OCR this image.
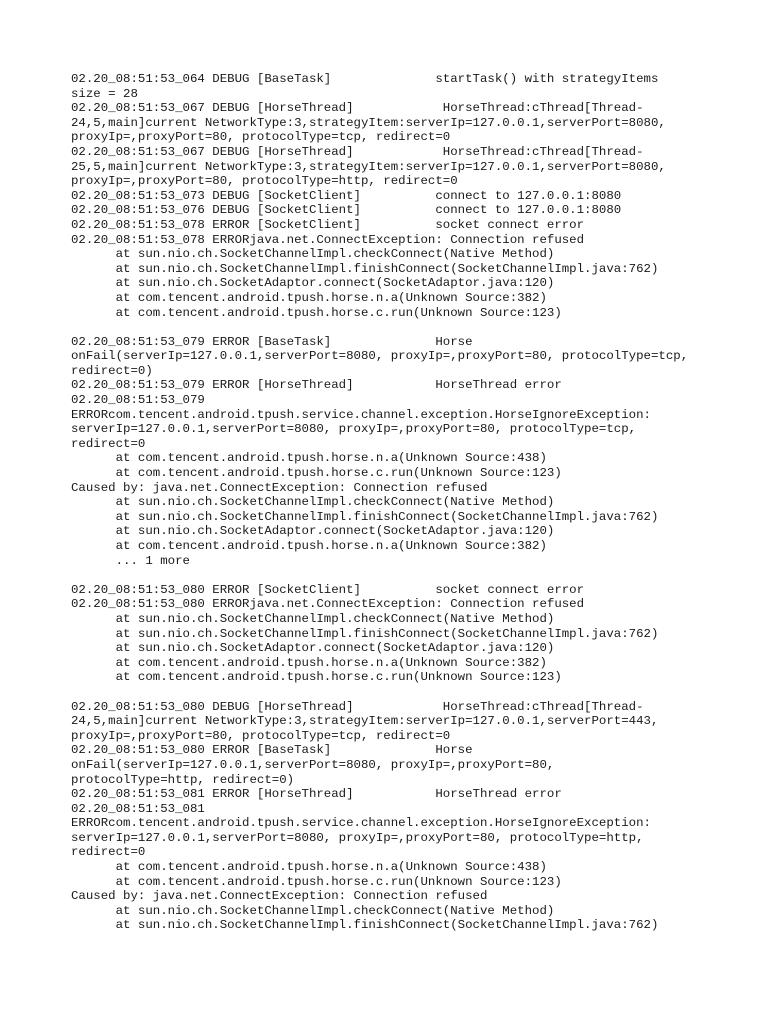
02.20_08:51:53_064 DEBUG [BaseTask]              startTask() with strategyItems
size = 28
02.20_08:51:53_067 DEBUG [HorseThread]            HorseThread:cThread[Thread-
24,5,main]current NetworkType:3,strategyItem:serverIp=127.0.0.1,serverPort=8080,
proxyIp=,proxyPort=80, protocolType=tcp, redirect=0
02.20_08:51:53_067 DEBUG [HorseThread]            HorseThread:cThread[Thread-
25,5,main]current NetworkType:3,strategyItem:serverIp=127.0.0.1,serverPort=8080,
proxyIp=,proxyPort=80, protocolType=http, redirect=0
02.20_08:51:53_073 DEBUG [SocketClient]          connect to 127.0.0.1:8080
02.20_08:51:53_076 DEBUG [SocketClient]          connect to 127.0.0.1:8080
02.20_08:51:53_078 ERROR [SocketClient]          socket connect error
02.20_08:51:53_078 ERRORjava.net.ConnectException: Connection refused
at sun.nio.ch.SocketChannelImpl.checkConnect(Native Method)
at sun.nio.ch.SocketChannelImpl.finishConnect(SocketChannelImpl.java:762)
at sun.nio.ch.SocketAdaptor.connect(SocketAdaptor.java:120)
at com.tencent.android.tpush.horse.n.a(Unknown Source:382)
at com.tencent.android.tpush.horse.c.run(Unknown Source:123)
02.20_08:51:53_079 ERROR [BaseTask]              Horse
onFail(serverIp=127.0.0.1,serverPort=8080, proxyIp=,proxyPort=80, protocolType=tcp,
redirect=0)
02.20_08:51:53_079 ERROR [HorseThread]           HorseThread error
02.20_08:51:53_079
ERRORcom.tencent.android.tpush.service.channel.exception.HorseIgnoreException:
serverIp=127.0.0.1,serverPort=8080, proxyIp=,proxyPort=80, protocolType=tcp,
redirect=0
at com.tencent.android.tpush.horse.n.a(Unknown Source:438)
at com.tencent.android.tpush.horse.c.run(Unknown Source:123)
Caused by: java.net.ConnectException: Connection refused
at sun.nio.ch.SocketChannelImpl.checkConnect(Native Method)
at sun.nio.ch.SocketChannelImpl.finishConnect(SocketChannelImpl.java:762)
at sun.nio.ch.SocketAdaptor.connect(SocketAdaptor.java:120)
at com.tencent.android.tpush.horse.n.a(Unknown Source:382)
... 1 more
02.20_08:51:53_080 ERROR [SocketClient]          socket connect error
02.20_08:51:53_080 ERRORjava.net.ConnectException: Connection refused
at sun.nio.ch.SocketChannelImpl.checkConnect(Native Method)
at sun.nio.ch.SocketChannelImpl.finishConnect(SocketChannelImpl.java:762)
at sun.nio.ch.SocketAdaptor.connect(SocketAdaptor.java:120)
at com.tencent.android.tpush.horse.n.a(Unknown Source:382)
at com.tencent.android.tpush.horse.c.run(Unknown Source:123)
02.20_08:51:53_080 DEBUG [HorseThread]            HorseThread:cThread[Thread-
24,5,main]current NetworkType:3,strategyItem:serverIp=127.0.0.1,serverPort=443,
proxyIp=,proxyPort=80, protocolType=tcp, redirect=0
02.20_08:51:53_080 ERROR [BaseTask]              Horse
onFail(serverIp=127.0.0.1,serverPort=8080, proxyIp=,proxyPort=80,
protocolType=http, redirect=0)
02.20_08:51:53_081 ERROR [HorseThread]           HorseThread error
02.20_08:51:53_081
ERRORcom.tencent.android.tpush.service.channel.exception.HorseIgnoreException:
serverIp=127.0.0.1,serverPort=8080, proxyIp=,proxyPort=80, protocolType=http,
redirect=0
at com.tencent.android.tpush.horse.n.a(Unknown Source:438)
at com.tencent.android.tpush.horse.c.run(Unknown Source:123)
Caused by: java.net.ConnectException: Connection refused
at sun.nio.ch.SocketChannelImpl.checkConnect(Native Method)
at sun.nio.ch.SocketChannelImpl.finishConnect(SocketChannelImpl.java:762)
